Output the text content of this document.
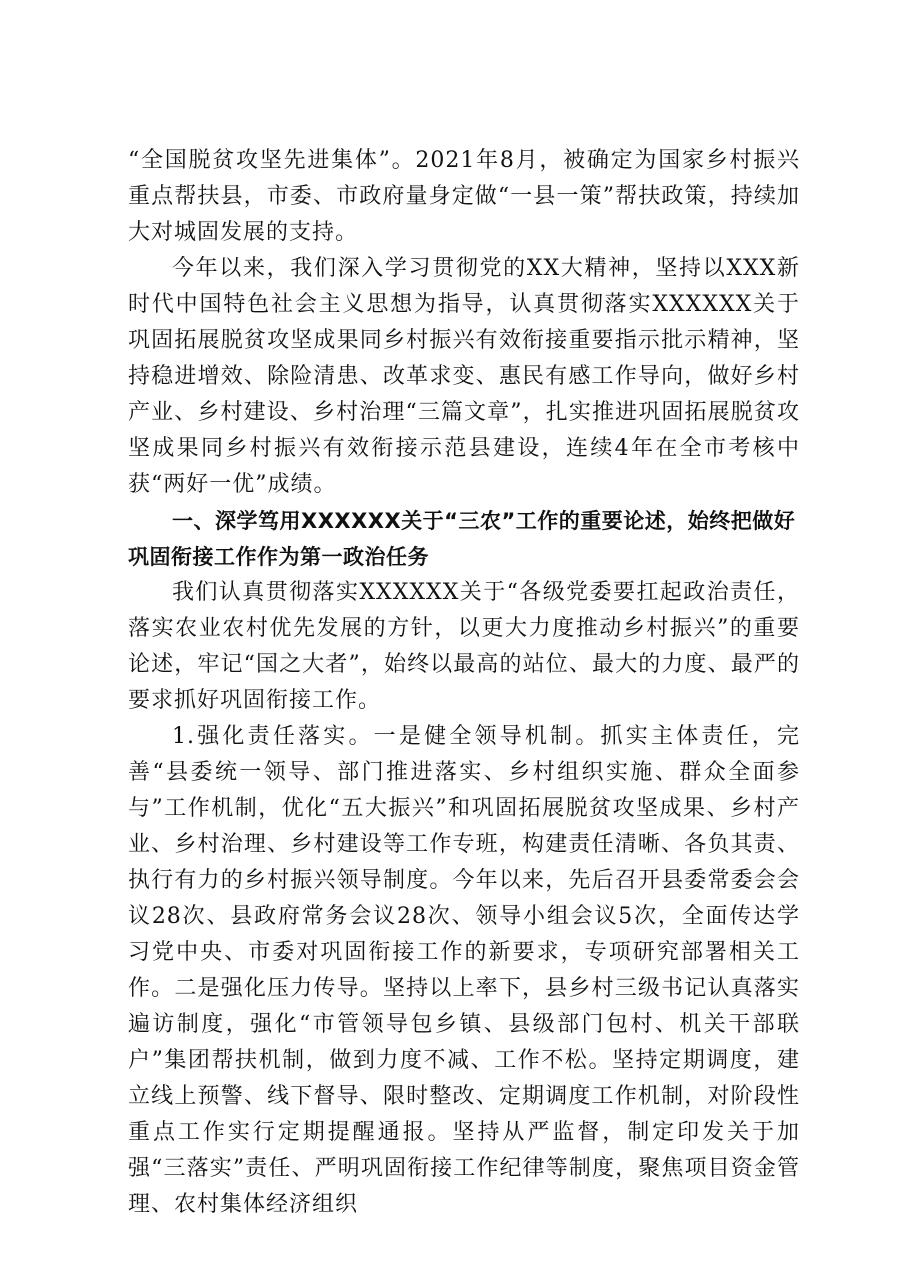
“全国脱贫攻坚先进集体”。2021年8月，被确定为国家乡村振兴重点帮扶县，市委、市政府量身定做“一县一策”帮扶政策，持续加大对城固发展的支持。

今年以来，我们深入学习贯彻党的XX大精神，坚持以XXX新时代中国特色社会主义思想为指导，认真贯彻落实XXXXXX关于巩固拓展脱贫攻坚成果同乡村振兴有效衔接重要指示批示精神，坚持稳进增效、除险清患、改革求变、惠民有感工作导向，做好乡村产业、乡村建设、乡村治理“三篇文章”，扎实推进巩固拓展脱贫攻坚成果同乡村振兴有效衔接示范县建设，连续4年在全市考核中获“两好一优”成绩。

一、深学笃用XXXXXX关于“三农”工作的重要论述，始终把做好巩固衔接工作作为第一政治任务

我们认真贯彻落实XXXXXX关于“各级党委要扛起政治责任，落实农业农村优先发展的方针，以更大力度推动乡村振兴”的重要论述，牢记“国之大者”，始终以最高的站位、最大的力度、最严的要求抓好巩固衔接工作。

1.强化责任落实。一是健全领导机制。抓实主体责任，完善“县委统一领导、部门推进落实、乡村组织实施、群众全面参与”工作机制，优化“五大振兴”和巩固拓展脱贫攻坚成果、乡村产业、乡村治理、乡村建设等工作专班，构建责任清晰、各负其责、执行有力的乡村振兴领导制度。今年以来，先后召开县委常委会会议28次、县政府常务会议28次、领导小组会议5次，全面传达学习党中央、市委对巩固衔接工作的新要求，专项研究部署相关工作。二是强化压力传导。坚持以上率下，县乡村三级书记认真落实遍访制度，强化“市管领导包乡镇、县级部门包村、机关干部联户”集团帮扶机制，做到力度不减、工作不松。坚持定期调度，建立线上预警、线下督导、限时整改、定期调度工作机制，对阶段性重点工作实行定期提醒通报。坚持从严监督，制定印发关于加强“三落实”责任、严明巩固衔接工作纪律等制度，聚焦项目资金管理、农村集体经济组织
